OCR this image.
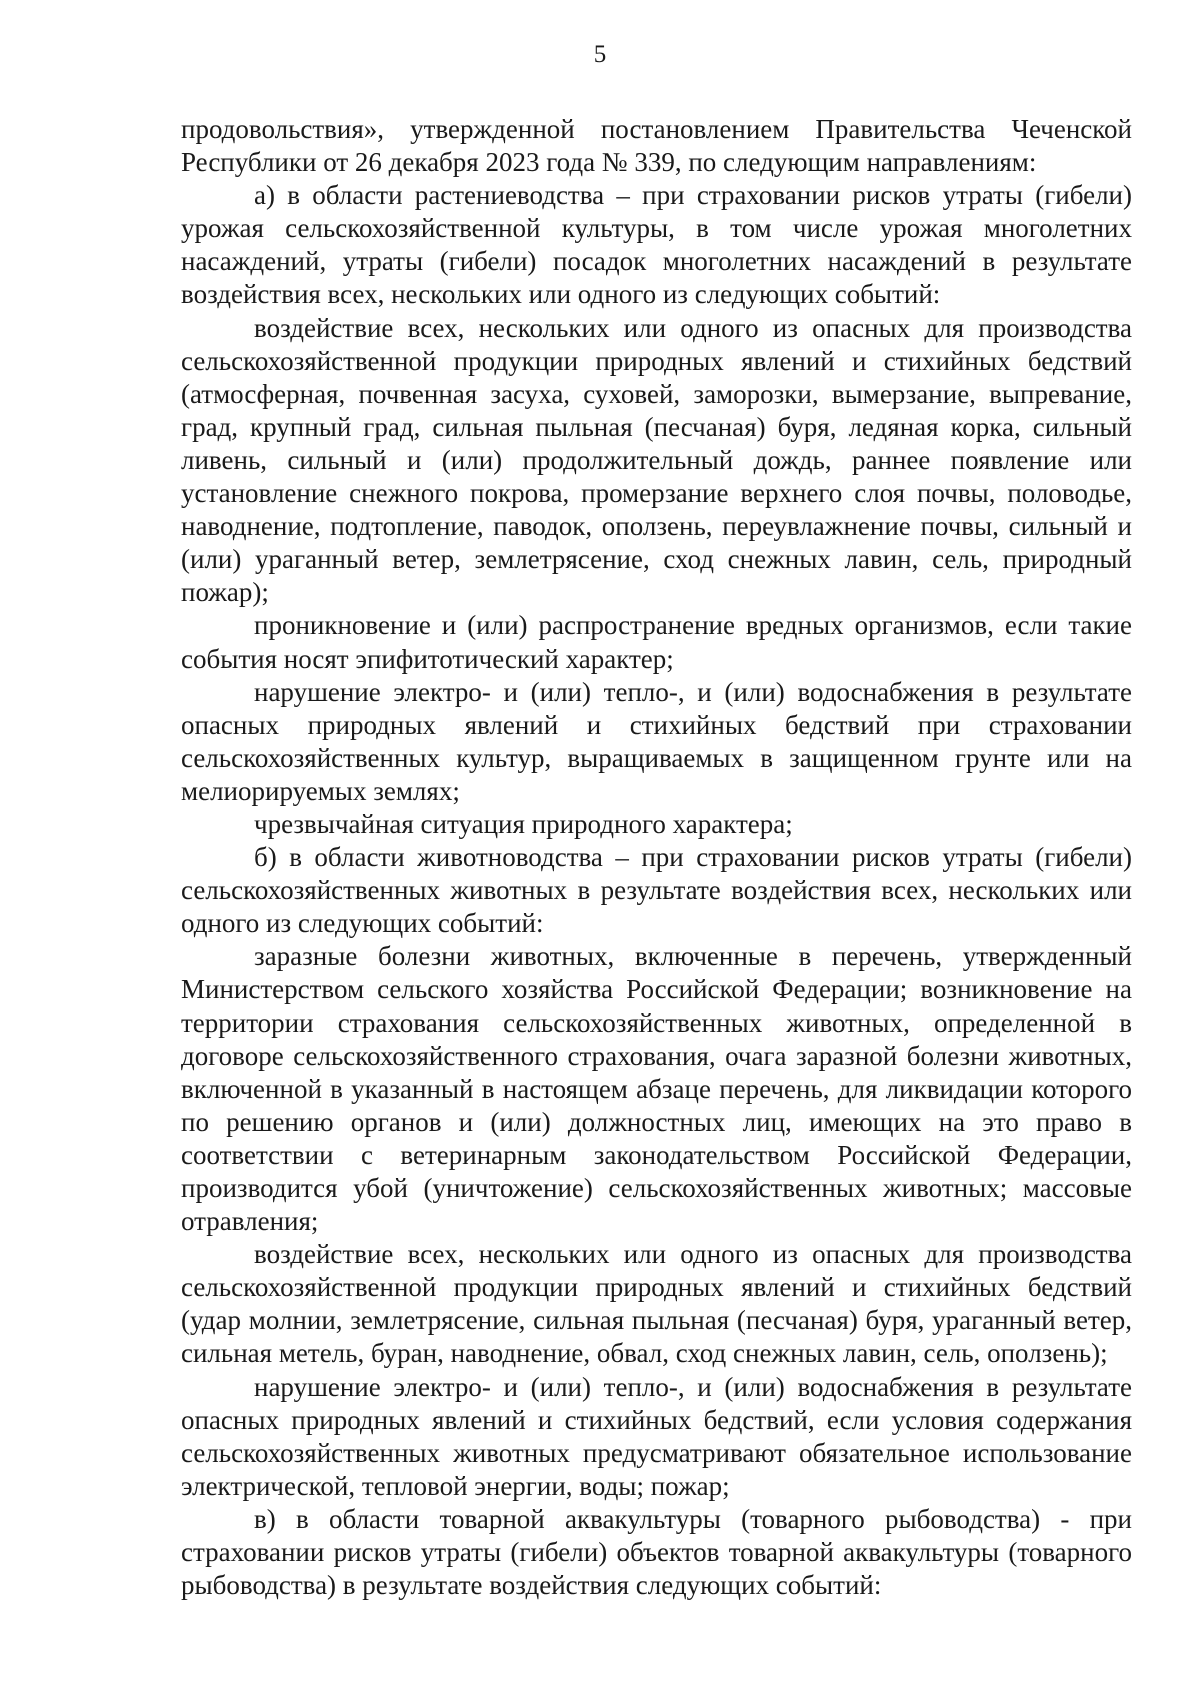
5

продовольствия», утвержденной постановлением Правительства Чеченской Республики от 26 декабря 2023 года № 339, по следующим направлениям:

а) в области растениеводства – при страховании рисков утраты (гибели) урожая сельскохозяйственной культуры, в том числе урожая многолетних насаждений, утраты (гибели) посадок многолетних насаждений в результате воздействия всех, нескольких или одного из следующих событий:

воздействие всех, нескольких или одного из опасных для производства сельскохозяйственной продукции природных явлений и стихийных бедствий (атмосферная, почвенная засуха, суховей, заморозки, вымерзание, выпревание, град, крупный град, сильная пыльная (песчаная) буря, ледяная корка, сильный ливень, сильный и (или) продолжительный дождь, раннее появление или установление снежного покрова, промерзание верхнего слоя почвы, половодье, наводнение, подтопление, паводок, оползень, переувлажнение почвы, сильный и (или) ураганный ветер, землетрясение, сход снежных лавин, сель, природный пожар);

проникновение и (или) распространение вредных организмов, если такие события носят эпифитотический характер;

нарушение электро- и (или) тепло-, и (или) водоснабжения в результате опасных природных явлений и стихийных бедствий при страховании сельскохозяйственных культур, выращиваемых в защищенном грунте или на мелиорируемых землях;

чрезвычайная ситуация природного характера;

б) в области животноводства – при страховании рисков утраты (гибели) сельскохозяйственных животных в результате воздействия всех, нескольких или одного из следующих событий:

заразные болезни животных, включенные в перечень, утвержденный Министерством сельского хозяйства Российской Федерации; возникновение на территории страхования сельскохозяйственных животных, определенной в договоре сельскохозяйственного страхования, очага заразной болезни животных, включенной в указанный в настоящем абзаце перечень, для ликвидации которого по решению органов и (или) должностных лиц, имеющих на это право в соответствии с ветеринарным законодательством Российской Федерации, производится убой (уничтожение) сельскохозяйственных животных; массовые отравления;

воздействие всех, нескольких или одного из опасных для производства сельскохозяйственной продукции природных явлений и стихийных бедствий (удар молнии, землетрясение, сильная пыльная (песчаная) буря, ураганный ветер, сильная метель, буран, наводнение, обвал, сход снежных лавин, сель, оползень);

нарушение электро- и (или) тепло-, и (или) водоснабжения в результате опасных природных явлений и стихийных бедствий, если условия содержания сельскохозяйственных животных предусматривают обязательное использование электрической, тепловой энергии, воды; пожар;

в) в области товарной аквакультуры (товарного рыбоводства) - при страховании рисков утраты (гибели) объектов товарной аквакультуры (товарного рыбоводства) в результате воздействия следующих событий:
